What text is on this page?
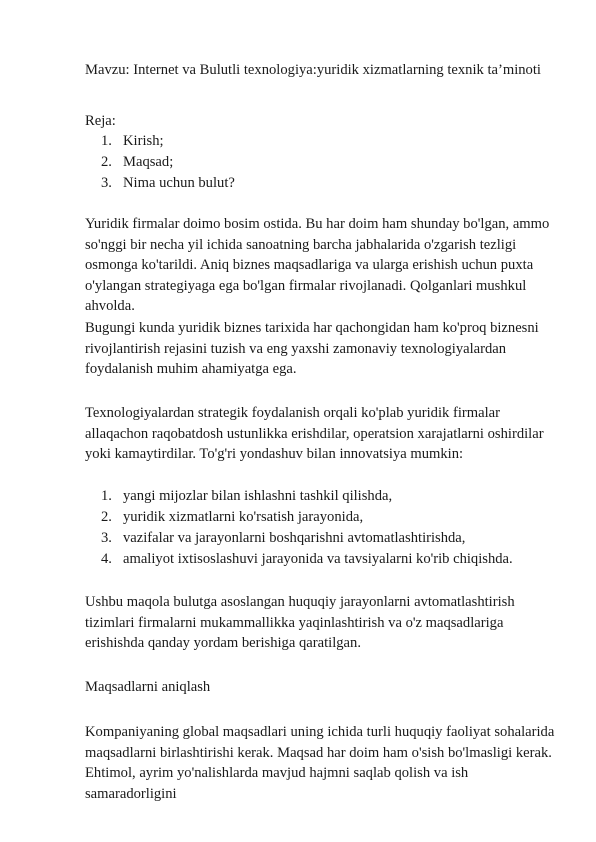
Mavzu: Internet va Bulutli texnologiya:yuridik xizmatlarning texnik ta’minoti
Reja:
1. Kirish;
2. Maqsad;
3. Nima uchun bulut?

Yuridik firmalar doimo bosim ostida. Bu har doim ham shunday bo'lgan, ammo so'nggi bir necha yil ichida sanoatning barcha jabhalarida o'zgarish tezligi osmonga ko'tarildi. Aniq biznes maqsadlariga va ularga erishish uchun puxta o'ylangan strategiyaga ega bo'lgan firmalar rivojlanadi. Qolganlari mushkul ahvolda.

Bugungi kunda yuridik biznes tarixida har qachongidan ham ko'proq biznesni rivojlantirish rejasini tuzish va eng yaxshi zamonaviy texnologiyalardan foydalanish muhim ahamiyatga ega.

Texnologiyalardan strategik foydalanish orqali ko'plab yuridik firmalar allaqachon raqobatdosh ustunlikka erishdilar, operatsion xarajatlarni oshirdilar yoki kamaytirdilar. To'g'ri yondashuv bilan innovatsiya mumkin:

1. yangi mijozlar bilan ishlashni tashkil qilishda,
2. yuridik xizmatlarni ko'rsatish jarayonida,
3. vazifalar va jarayonlarni boshqarishni avtomatlashtirishda,
4. amaliyot ixtisoslashuvi jarayonida va tavsiyalarni ko'rib chiqishda.

Ushbu maqola bulutga asoslangan huquqiy jarayonlarni avtomatlashtirish tizimlari firmalarni mukammallikka yaqinlashtirish va o'z maqsadlariga erishishda qanday yordam berishiga qaratilgan.

Maqsadlarni aniqlash

Kompaniyaning global maqsadlari uning ichida turli huquqiy faoliyat sohalarida maqsadlarni birlashtirishi kerak. Maqsad har doim ham o'sish bo'lmasligi kerak. Ehtimol, ayrim yo'nalishlarda mavjud hajmni saqlab qolish va ish samaradorligini
